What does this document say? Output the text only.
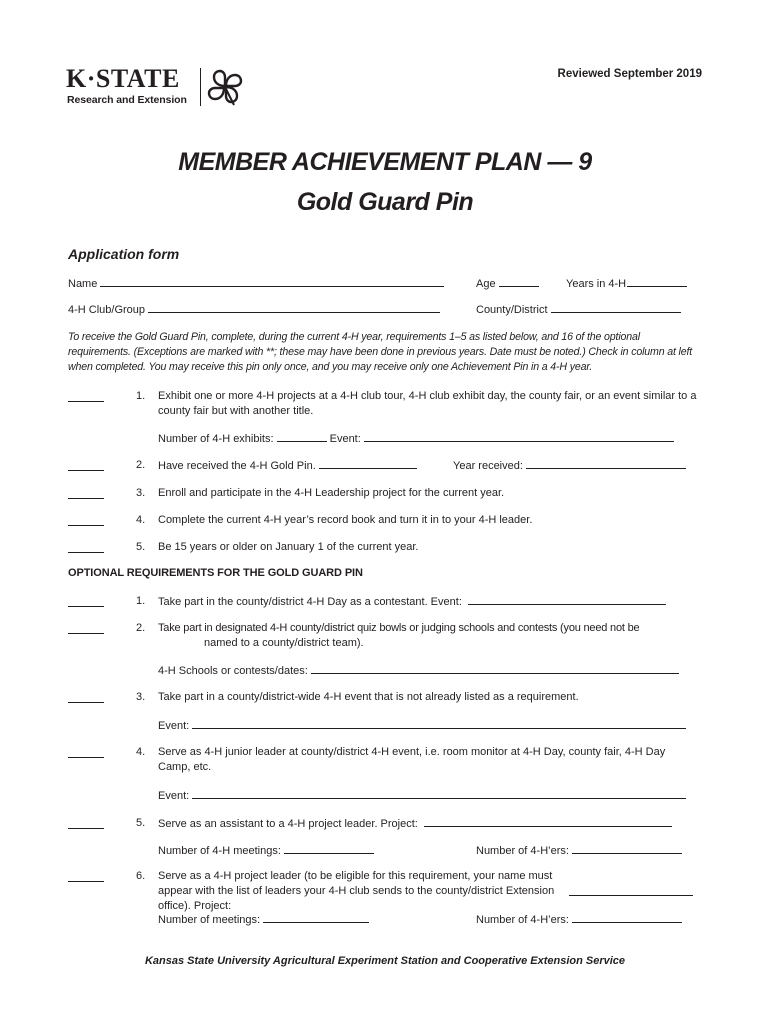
K·STATE
Research and Extension
Reviewed September 2019
MEMBER ACHIEVEMENT PLAN — 9
Gold Guard Pin
Application form
Name	Age	Years in 4-H
4-H Club/Group	County/District
To receive the Gold Guard Pin, complete, during the current 4-H year, requirements 1–5 as listed below, and 16 of the optional requirements. (Exceptions are marked with **; these may have been done in previous years. Date must be noted.) Check in column at left when completed. You may receive this pin only once, and you may receive only one Achievement Pin in a 4-H year.
1. Exhibit one or more 4-H projects at a 4-H club tour, 4-H club exhibit day, the county fair, or an event similar to a county fair but with another title.
Number of 4-H exhibits:	Event:
2. Have received the 4-H Gold Pin.	Year received:
3. Enroll and participate in the 4-H Leadership project for the current year.
4. Complete the current 4-H year’s record book and turn it in to your 4-H leader.
5. Be 15 years or older on January 1 of the current year.
OPTIONAL REQUIREMENTS FOR THE GOLD GUARD PIN
1. Take part in the county/district 4-H Day as a contestant. Event:
2. Take part in designated 4-H county/district quiz bowls or judging schools and contests (you need not be
named to a county/district team).
4-H Schools or contests/dates:
3. Take part in a county/district-wide 4-H event that is not already listed as a requirement.
Event:
4. Serve as 4-H junior leader at county/district 4-H event, i.e. room monitor at 4-H Day, county fair, 4-H Day Camp, etc.
Event:
5. Serve as an assistant to a 4-H project leader. Project:
Number of 4-H meetings:	Number of 4-H’ers:
6. Serve as a 4-H project leader (to be eligible for this requirement, your name must appear with the list of leaders your 4-H club sends to the county/district Extension office). Project:
Number of meetings:	Number of 4-H’ers:
Kansas State University Agricultural Experiment Station and Cooperative Extension Service
